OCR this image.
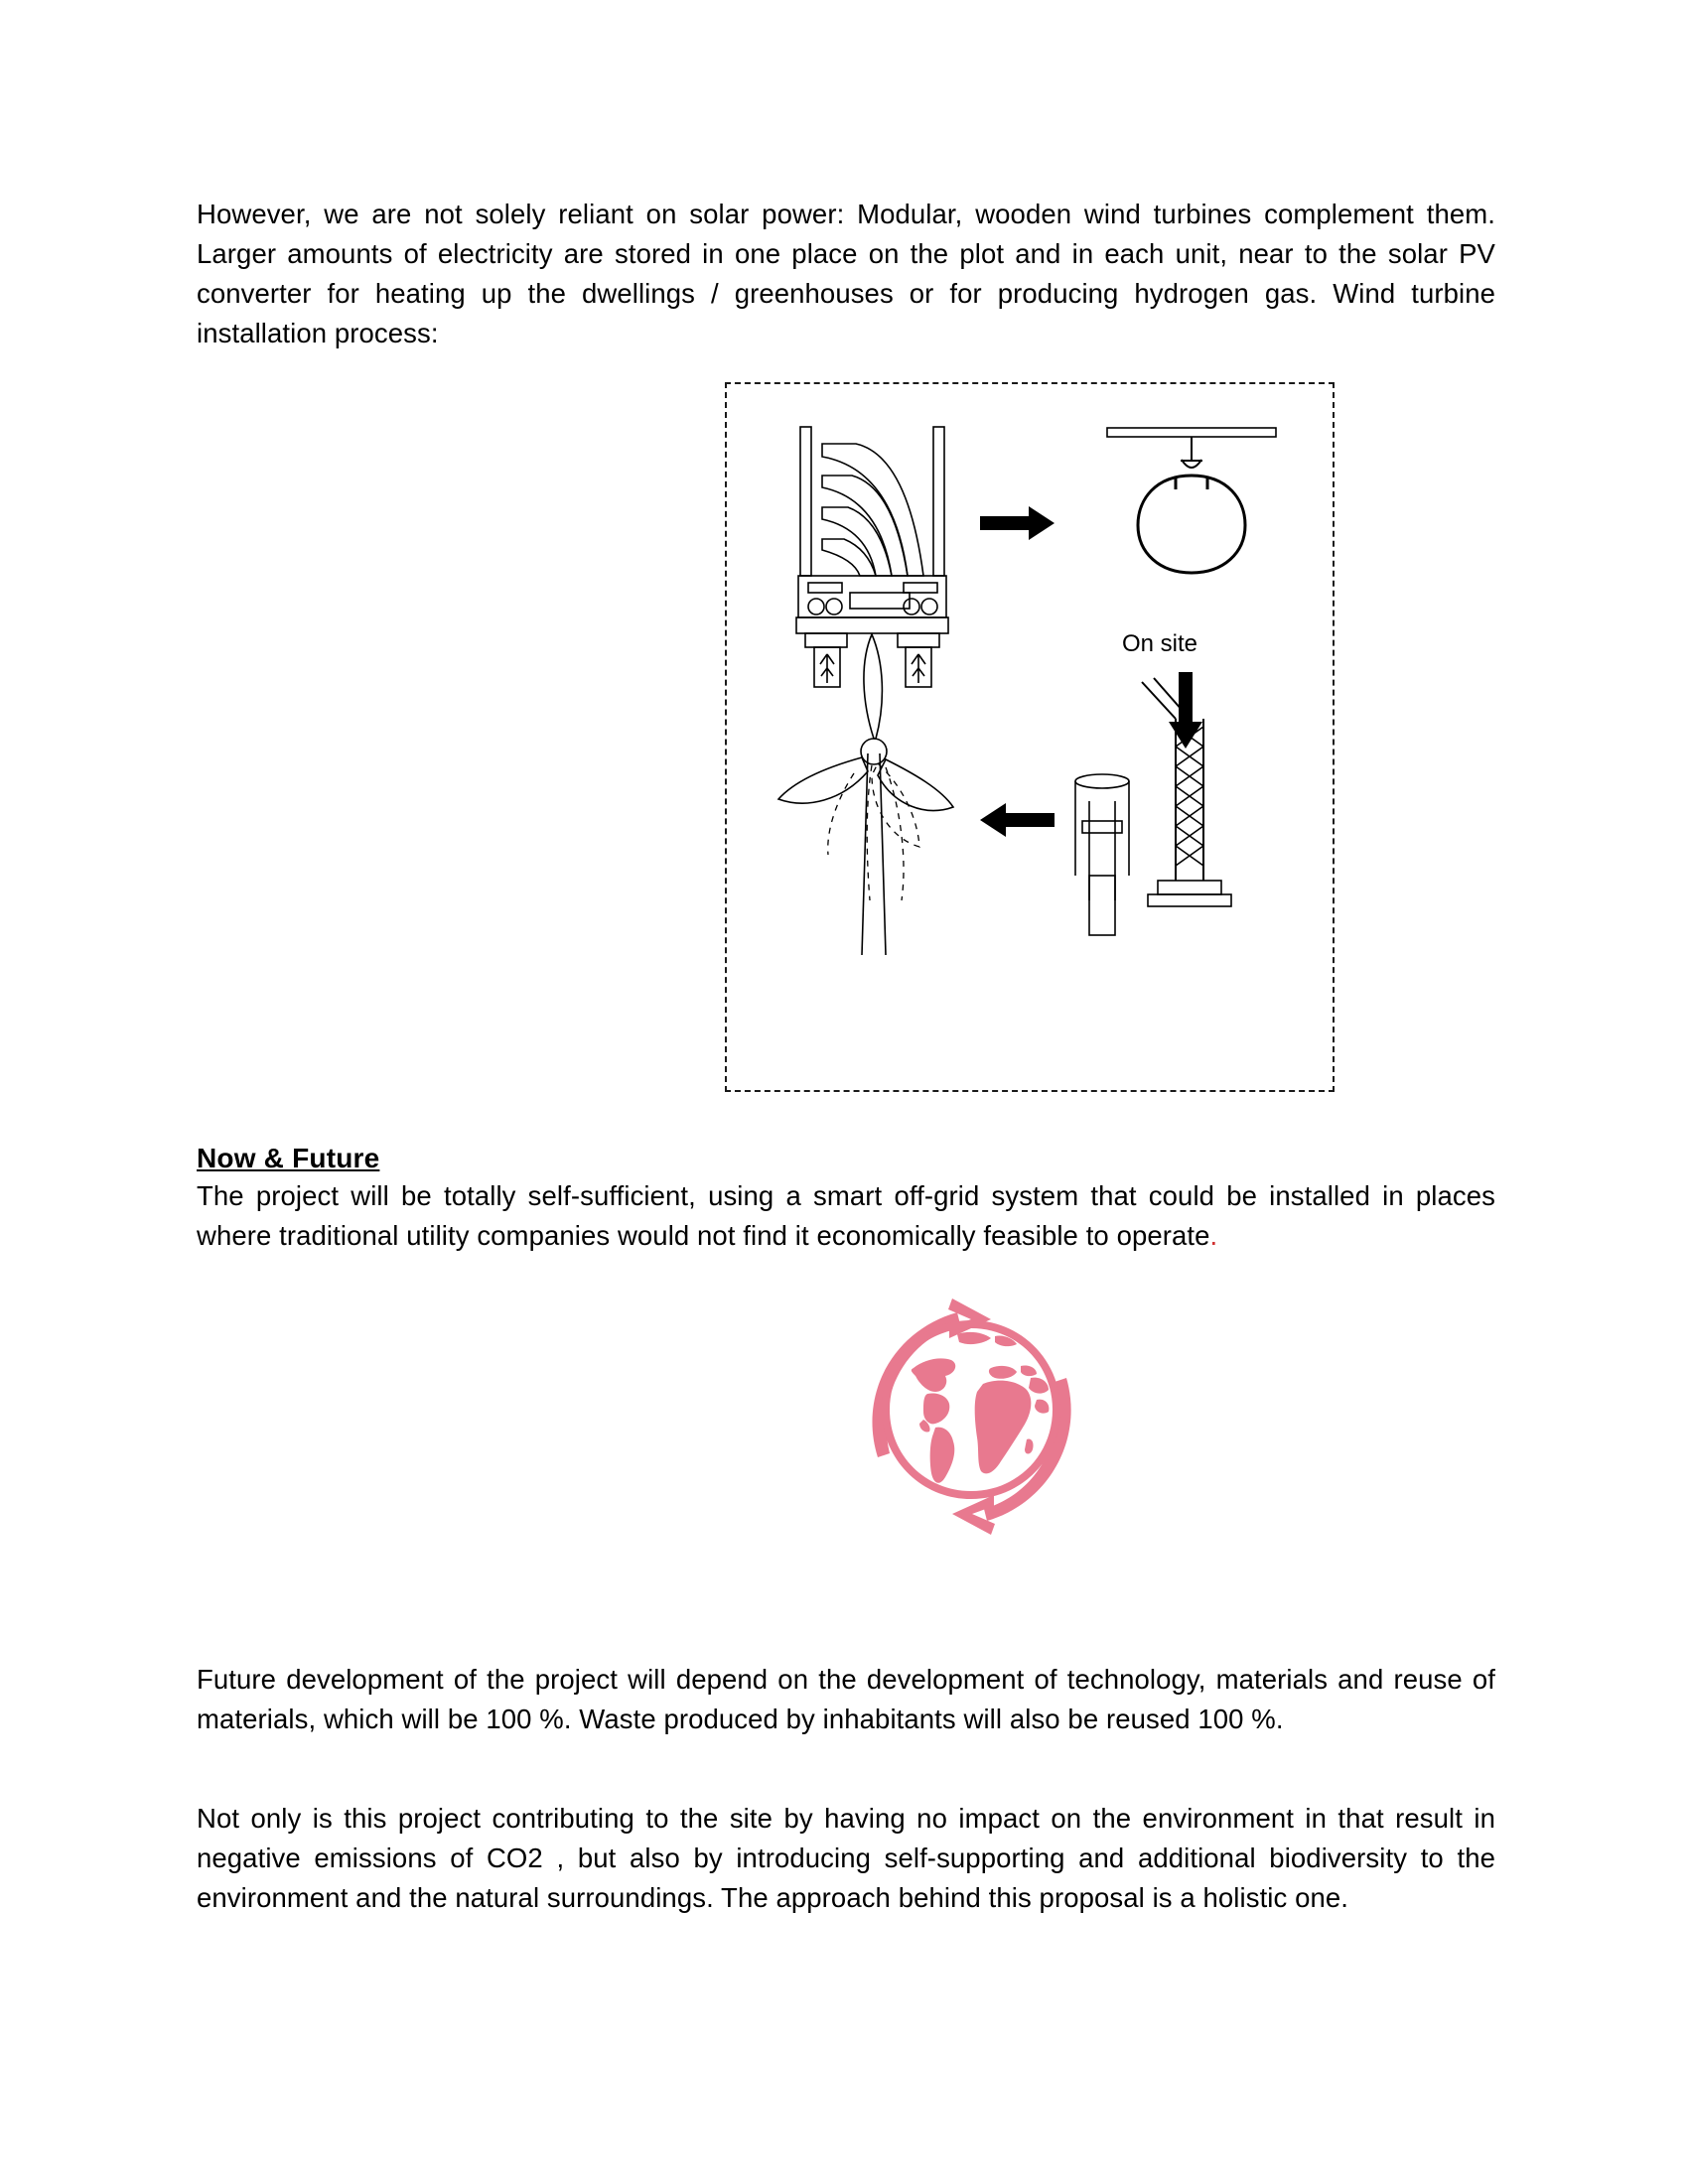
However, we are not solely reliant on solar power: Modular, wooden wind turbines complement them. Larger amounts of electricity are stored in one place on the plot and in each unit, near to the solar PV converter for heating up the dwellings / greenhouses or for producing hydrogen gas. Wind turbine installation process:

On site
Now & Future

The project will be totally self-sufficient, using a smart off-grid system that could be installed in places where traditional utility companies would not find it economically feasible to operate.

Future development of the project will depend on the development of technology, materials and reuse of materials, which will be 100 %. Waste produced by inhabitants will also be reused 100 %.

Not only is this project contributing to the site by having no impact on the environment in that result in negative emissions of CO2 , but also by introducing self-supporting and additional biodiversity to the environment and the natural surroundings. The approach behind this proposal is a holistic one.
